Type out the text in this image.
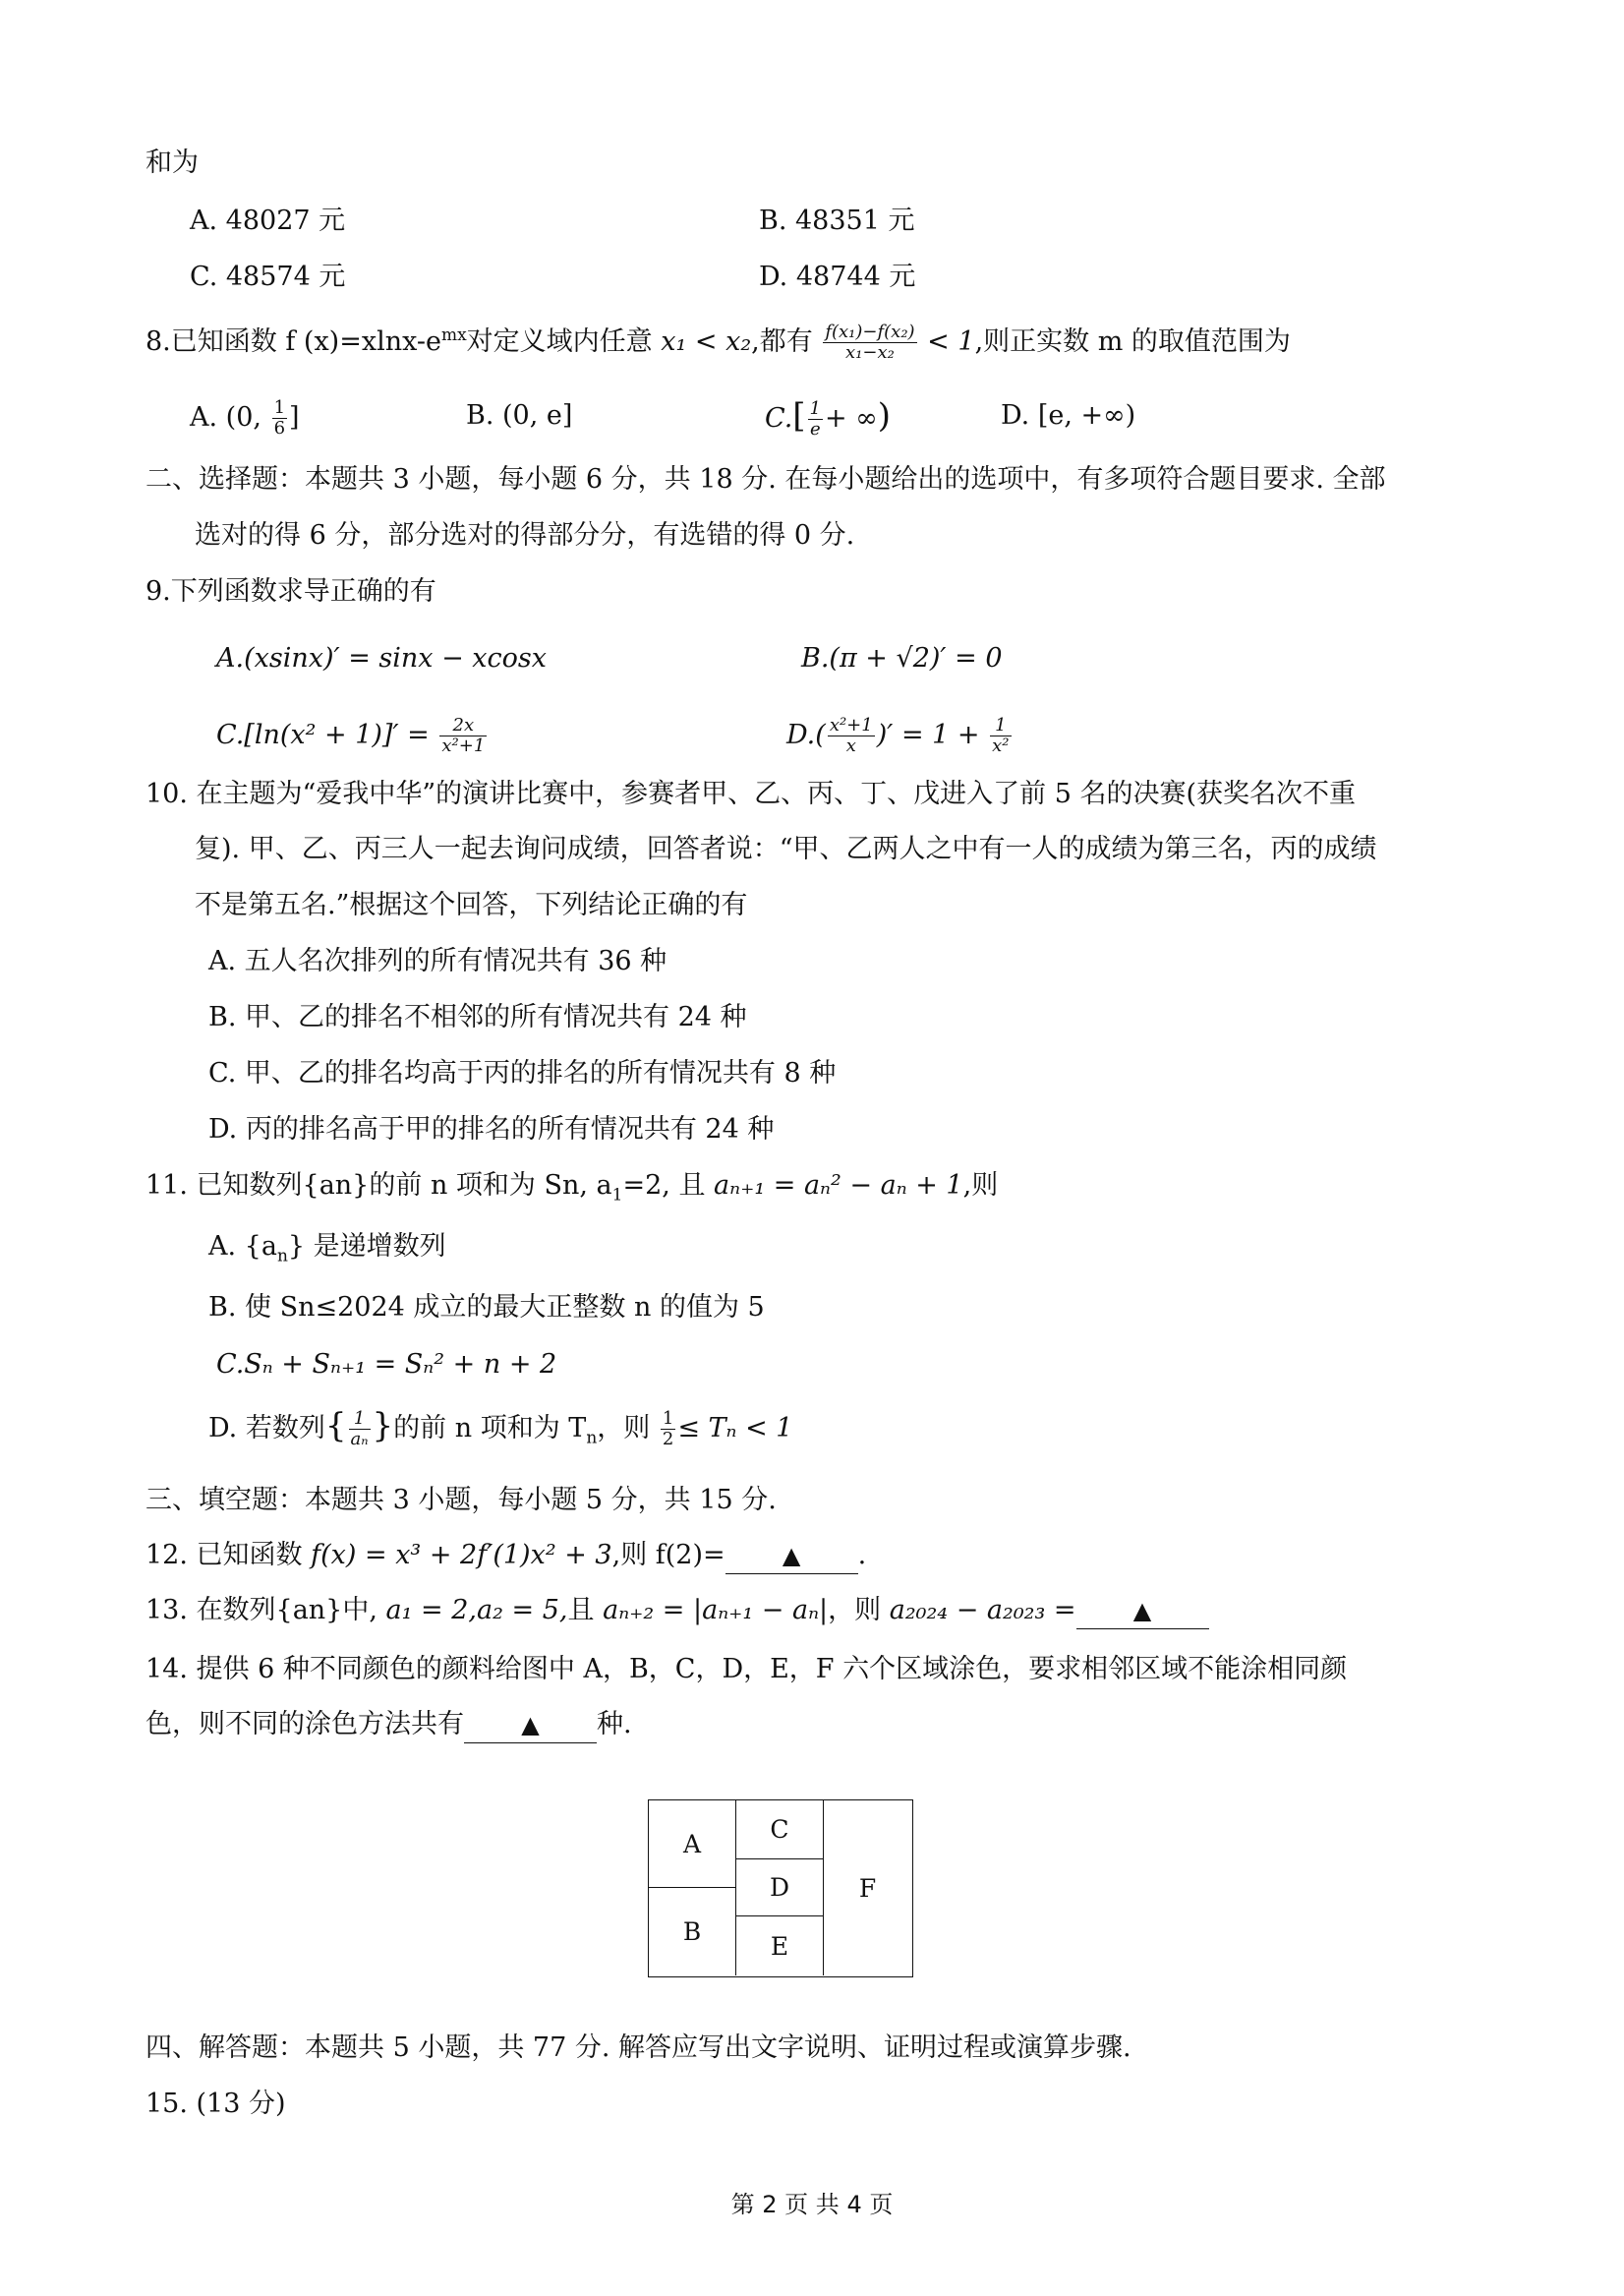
和为
A. 48027 元	B. 48351 元
C. 48574 元	D. 48744 元
8.已知函数 f $(x)=xlnx-e^{mx}$对定义域内任意 x₁ < x₂,都有 $\frac{\text{f(x₁)−f(x₂)}}{\text{x₁−x₂}} < 1$,则正实数 m 的取值范围为
A. (0, $\frac{1}{6}$ ]	B. (0, e]	$C.[ \frac{1}{e}$ + ∞)	D. [e, +∞)
二、选择题：本题共 3 小题，每小题 6 分，共 18 分. 在每小题给出的选项中，有多项符合题目要求. 全部
选对的得 6 分，部分选对的得部分分，有选错的得 0 分.
9.下列函数求导正确的有
A.(xsinx)′ = sinx − xcosx	B.(π + √2)′ = 0
$C.[\ln(x^2 + 1)]' = \frac{2x}{\text{x²+1}}$	$D.( \frac{\text{x²+1}}{x}$ )′ = $1 + \frac{1}{\text{x²}}$
10. 在主题为“爱我中华”的演讲比赛中，参赛者甲、乙、丙、丁、戊进入了前 5 名的决赛(获奖名次不重
复). 甲、乙、丙三人一起去询问成绩，回答者说：“甲、乙两人之中有一人的成绩为第三名，丙的成绩
不是第五名.”根据这个回答，下列结论正确的有
A. 五人名次排列的所有情况共有 36 种
B. 甲、乙的排名不相邻的所有情况共有 24 种
C. 甲、乙的排名均高于丙的排名的所有情况共有 8 种
D. 丙的排名高于甲的排名的所有情况共有 24 种
11. 已知数列{an}的前 n 项和为 Sn, $a_1=2$, 且 aₙ₊₁ = aₙ² − aₙ + 1,则
A. $\{a_n\}$ 是递增数列
B. 使 Sn≤2024 成立的最大正整数 n 的值为 5
C.Sₙ + Sₙ₊₁ = Sₙ² + n + 2
D. 若数列{ $\frac{1}{\text{aₙ}}$ }的前 n 项和为 $T_n$，则 $\frac{1}{2} \le T_n < 1$
三、填空题：本题共 3 小题，每小题 5 分，共 15 分.
12. 已知函数 f(x) = x³ + 2f′(1)x² + 3,则 f(2)= ▲ .
13. 在数列{an}中, a₁ = 2,a₂ = 5,且 aₙ₊₂ = |aₙ₊₁ − aₙ|，则 a₂₀₂₄ − a₂₀₂₃ = ▲
14. 提供 6 种不同颜色的颜料给图中 A，B，C，D，E，F 六个区域涂色，要求相邻区域不能涂相同颜
色，则不同的涂色方法共有 ▲ 种.
A
B
C
D
E
F
四、解答题：本题共 5 小题，共 77 分. 解答应写出文字说明、证明过程或演算步骤.
15. (13 分)
第 2 页 共 4 页
